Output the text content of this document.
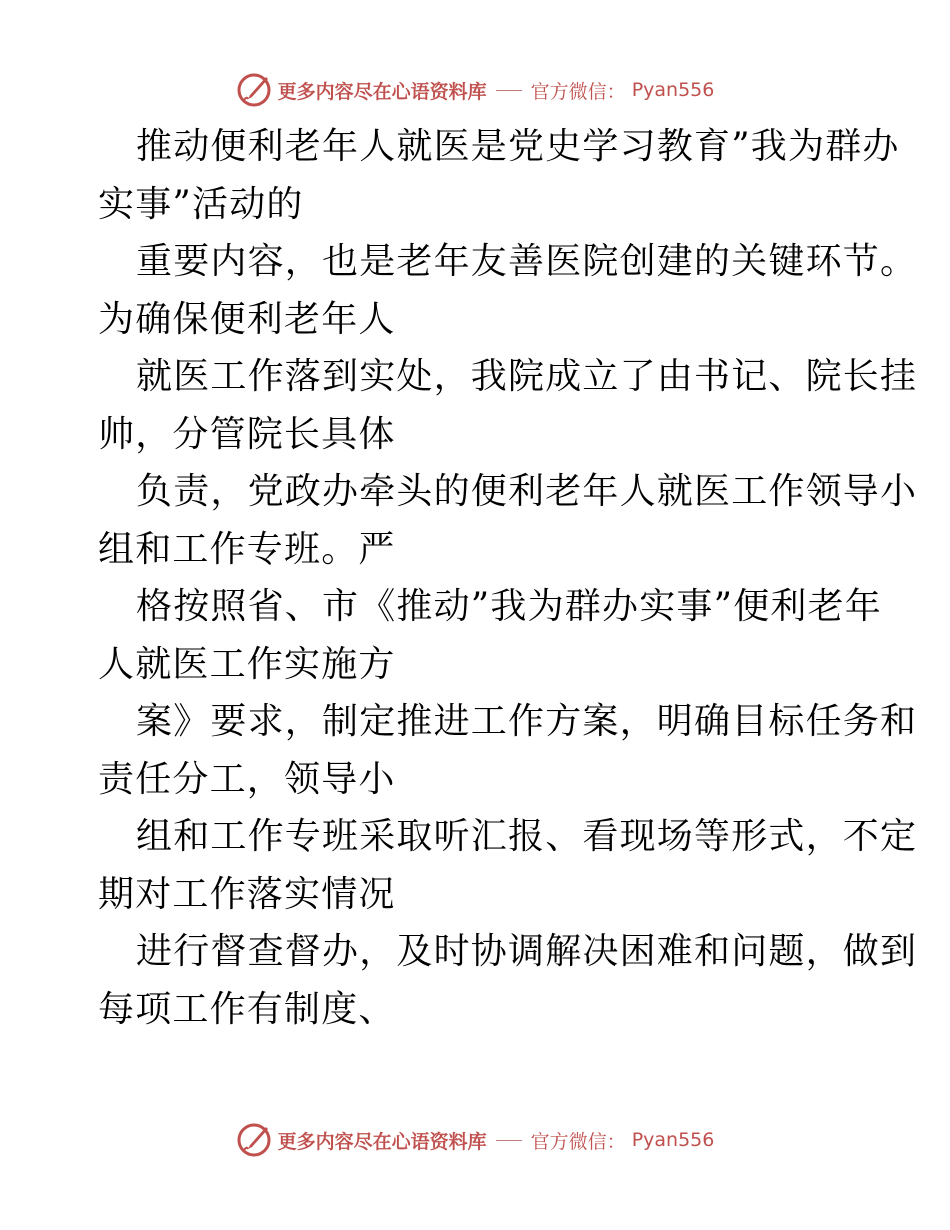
更多内容尽在心语资料库 官方微信： Pyan556
推动便利老年人就医是党史学习教育”我为群办
实事”活动的
重要内容，也是老年友善医院创建的关键环节。
为确保便利老年人
就医工作落到实处，我院成立了由书记、院长挂
帅，分管院长具体
负责，党政办牵头的便利老年人就医工作领导小
组和工作专班。严
格按照省、市《推动”我为群办实事”便利老年
人就医工作实施方
案》要求，制定推进工作方案，明确目标任务和
责任分工，领导小
组和工作专班采取听汇报、看现场等形式，不定
期对工作落实情况
进行督查督办，及时协调解决困难和问题，做到
每项工作有制度、
更多内容尽在心语资料库 官方微信： Pyan556
